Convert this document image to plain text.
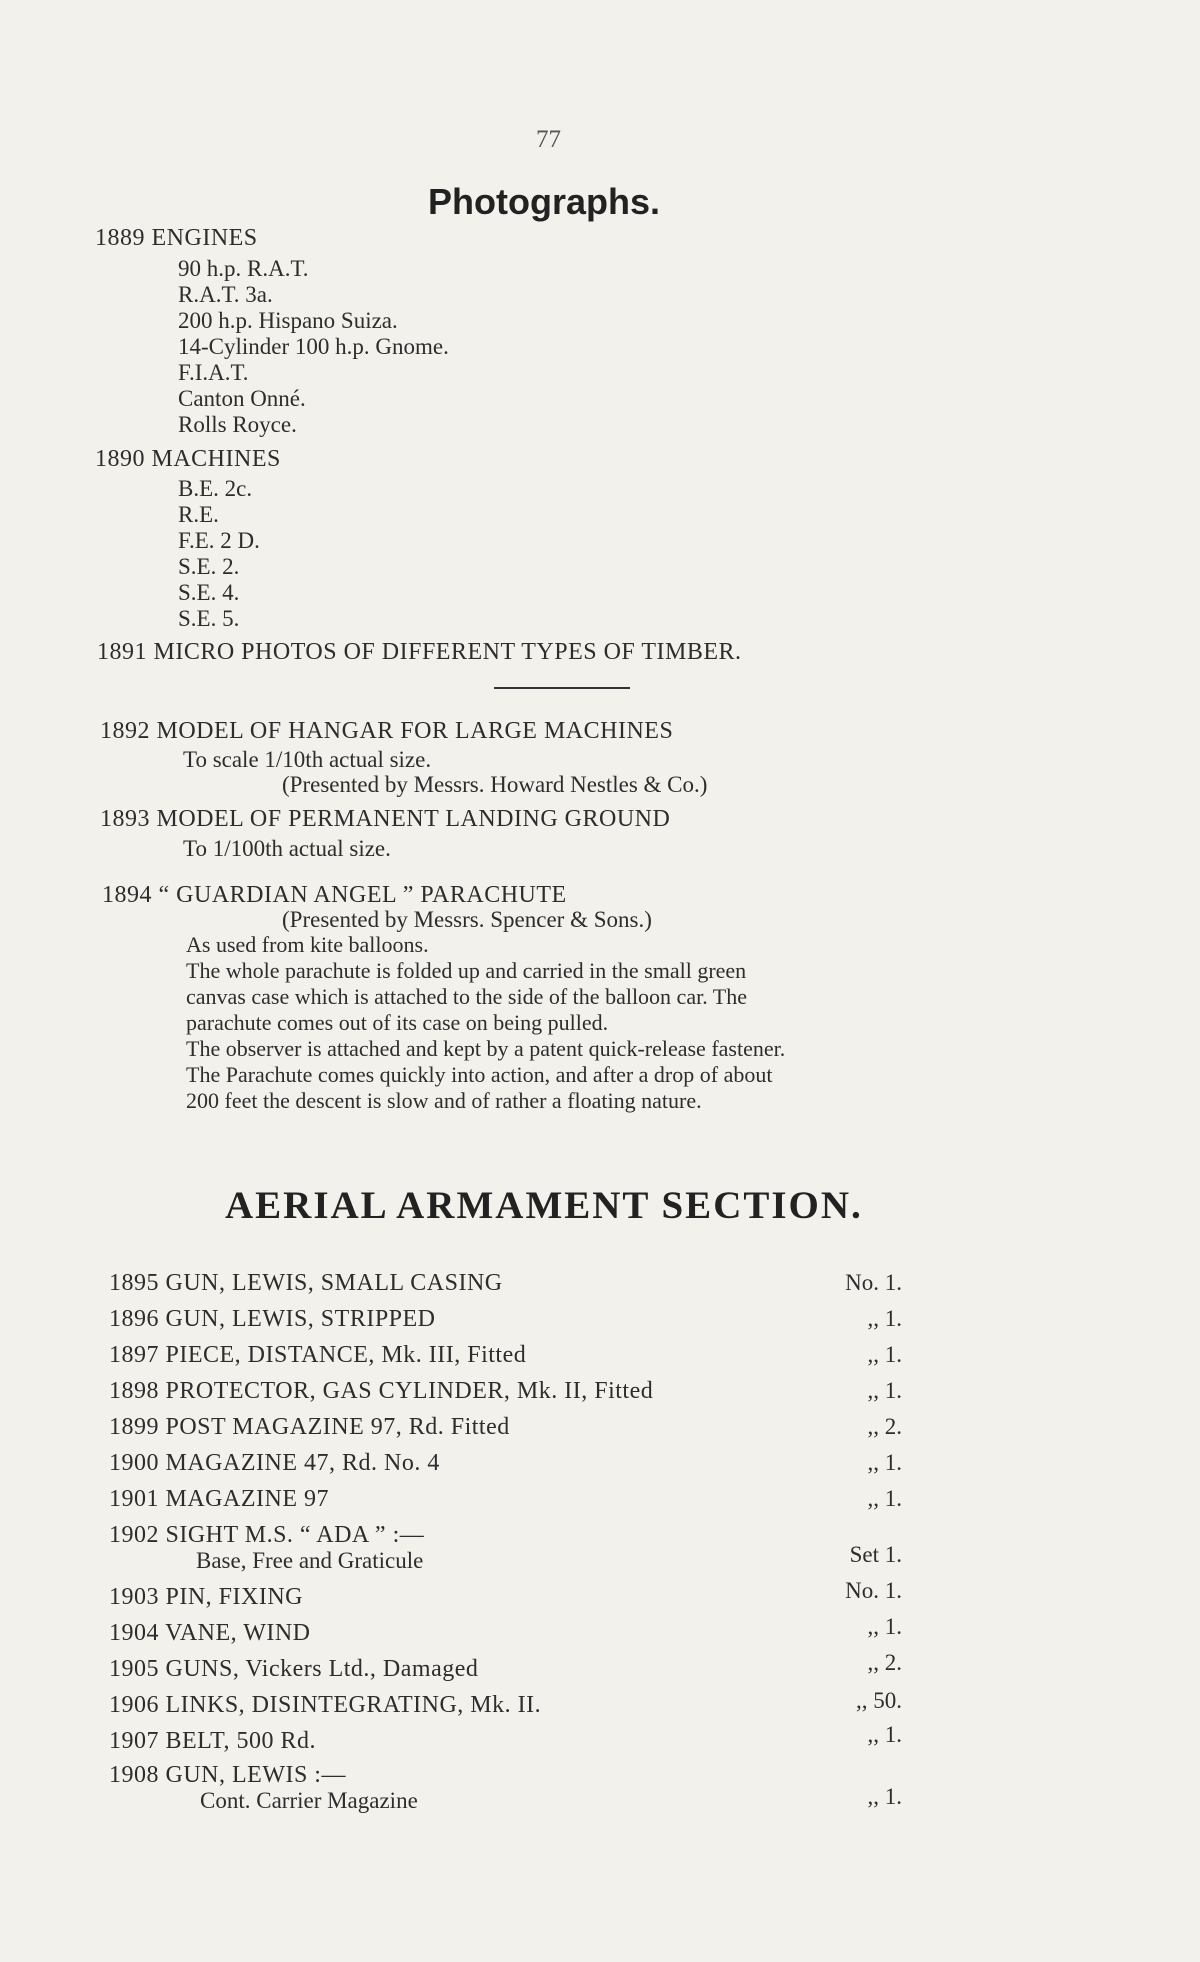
77
Photographs.
1889 ENGINES
90 h.p. R.A.T.
R.A.T. 3a.
200 h.p. Hispano Suiza.
14-Cylinder 100 h.p. Gnome.
F.I.A.T.
Canton Onné.
Rolls Royce.
1890 MACHINES
B.E. 2c.
R.E.
F.E. 2 D.
S.E. 2.
S.E. 4.
S.E. 5.
1891 MICRO PHOTOS OF DIFFERENT TYPES OF TIMBER.
1892 MODEL OF HANGAR FOR LARGE MACHINES
To scale 1/10th actual size.
(Presented by Messrs. Howard Nestles & Co.)
1893 MODEL OF PERMANENT LANDING GROUND
To 1/100th actual size.
1894 “ GUARDIAN ANGEL ” PARACHUTE
(Presented by Messrs. Spencer & Sons.)
As used from kite balloons.
The whole parachute is folded up and carried in the small green
canvas case which is attached to the side of the balloon car. The
parachute comes out of its case on being pulled.
The observer is attached and kept by a patent quick-release fastener.
The Parachute comes quickly into action, and after a drop of about
200 feet the descent is slow and of rather a floating nature.
AERIAL ARMAMENT SECTION.
1895 GUN, LEWIS, SMALL CASING	No. 1.
1896 GUN, LEWIS, STRIPPED	,, 1.
1897 PIECE, DISTANCE, Mk. III, Fitted	,, 1.
1898 PROTECTOR, GAS CYLINDER, Mk. II, Fitted	,, 1.
1899 POST MAGAZINE 97, Rd. Fitted	,, 2.
1900 MAGAZINE 47, Rd. No. 4	,, 1.
1901 MAGAZINE 97	,, 1.
1902 SIGHT M.S. “ ADA ” :—
Base, Free and Graticule	Set 1.
1903 PIN, FIXING	No. 1.
1904 VANE, WIND	,, 1.
1905 GUNS, Vickers Ltd., Damaged	,, 2.
1906 LINKS, DISINTEGRATING, Mk. II.	,, 50.
1907 BELT, 500 Rd.	,, 1.
1908 GUN, LEWIS :—
Cont. Carrier Magazine	,, 1.
